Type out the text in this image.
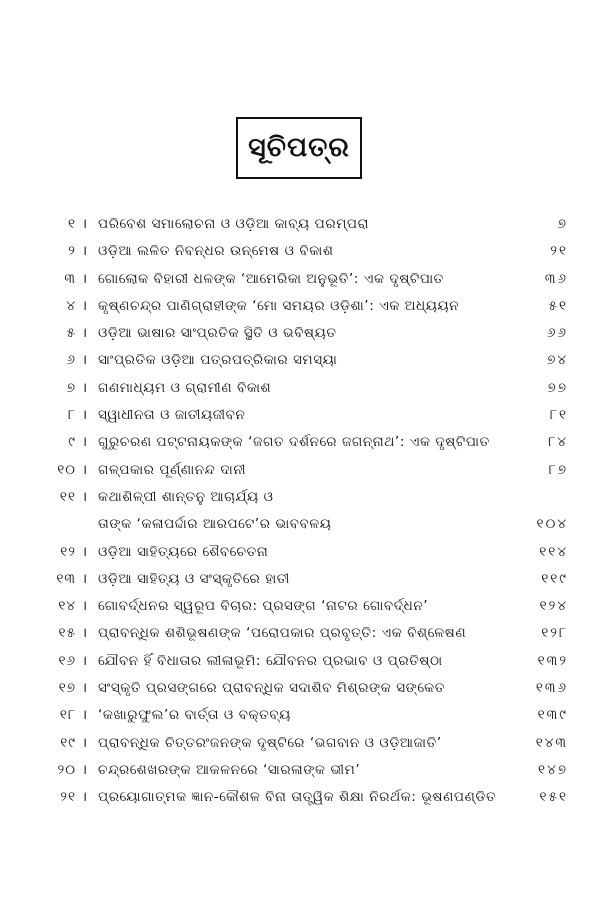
ସୂଚିପତ୍ର
୧ । ପରିବେଶ ସମାଲୋଚନା ଓ ଓଡ଼ିଆ କାବ୍ୟ ପରମ୍ପରା	୭
୨ । ଓଡ଼ିଆ ଲଳିତ ନିବନ୍ଧର ଉନ୍ମେଷ ଓ ବିକାଶ	୨୧
୩ । ଗୋଲୋକ ବିହାରୀ ଧଳଙ୍କ ‘ଆମେରିକା ଅନୁଭୂତି’: ଏକ ଦୃଷ୍ଟିପାତ	୩୬
୪ । କୃଷ୍ଣଚନ୍ଦ୍ର ପାଣିଗ୍ରାହୀଙ୍କ ‘ମୋ ସମୟର ଓଡ଼ିଶା’: ଏକ ଅଧ୍ୟୟନ	୫୧
୫ । ଓଡ଼ିଆ ଭାଷାର ସାଂପ୍ରତିକ ସ୍ଥିତି ଓ ଭବିଷ୍ୟତ	୬୬
୬ । ସାଂପ୍ରତିକ ଓଡ଼ିଆ ପତ୍ରପତ୍ରିକାର ସମସ୍ୟା	୭୪
୭ । ଗଣମାଧ୍ୟମ ଓ ଗ୍ରାମୀଣ ବିକାଶ	୭୭
୮ । ସ୍ୱାଧୀନତା ଓ ଜାତୀୟଜୀବନ	୮୧
୯ । ଗୁରୁଚରଣ ପଟ୍ଟନାୟକଙ୍କ ‘ଜଗତ ଦର୍ଶନରେ ଜଗନ୍ନାଥ’: ଏକ ଦୃଷ୍ଟିପାତ	୮୪
୧୦ । ଗଳ୍ପକାର ପୂର୍ଣ୍ଣାନନ୍ଦ ଦାନୀ	୮୭
୧୧ । କଥାଶିଳ୍ପୀ ଶାନ୍ତନୁ ଆଚାର୍ଯ୍ୟ ଓ
ତାଙ୍କ ‘କଳାପର୍ଦ୍ଦାର ଆରପଟେ’ର ଭାବବଳୟ	୧୦୪
୧୨ । ଓଡ଼ିଆ ସାହିତ୍ୟରେ ଶୈବଚେତନା	୧୧୪
୧୩ । ଓଡ଼ିଆ ସାହିତ୍ୟ ଓ ସଂସ୍କୃତିରେ ହାତୀ	୧୧୯
୧୪ । ଗୋବର୍ଦ୍ଧନର ସ୍ୱରୂପ ବିଚାର: ପ୍ରସଙ୍ଗ ‘ନାଟର ଗୋବର୍ଦ୍ଧନ’	୧୨୪
୧୫ । ପ୍ରାବନ୍ଧିକ ଶଶିଭୂଷଣଙ୍କ ‘ପରୋପକାର ପ୍ରବୃତ୍ତି: ଏକ ବିଶ୍ଳେଷଣ	୧୨୮
୧୬ । ଯୌବନ ହିଁ ବିଧାତାର ଲୀଳାଭୂମି: ଯୌବନର ପ୍ରଭାବ ଓ ପ୍ରତିଷ୍ଠା	୧୩୨
୧୭ । ସଂସ୍କୃତି ପ୍ରସଙ୍ଗରେ ପ୍ରାବନ୍ଧିକ ସଦାଶିବ ମିଶ୍ରଙ୍କ ସଙ୍କେତ	୧୩୬
୧୮ । ‘କଖାରୁଫୁଲ’ର ବାର୍ତ୍ତା ଓ ବକ୍ତବ୍ୟ	୧୩୯
୧୯ । ପ୍ରାବନ୍ଧିକ ଚିତ୍ତରଂଜନଙ୍କ ଦୃଷ୍ଟିରେ ‘ଭଗବାନ ଓ ଓଡ଼ିଆଜାତି’	୧୪୩
୨୦ । ଚନ୍ଦ୍ରଶେଖରଙ୍କ ଆକଳନରେ ‘ସାରଳାଙ୍କ ଭୀମ’	୧୪୭
୨୧ । ପ୍ରୟୋଗାତ୍ମକ ଜ୍ଞାନ-କୌଶଳ ବିନା ତାତ୍ତ୍ୱିକ ଶିକ୍ଷା ନିରର୍ଥକ: ଭୂଷଣପଣ୍ଡିତ	୧୫୧
